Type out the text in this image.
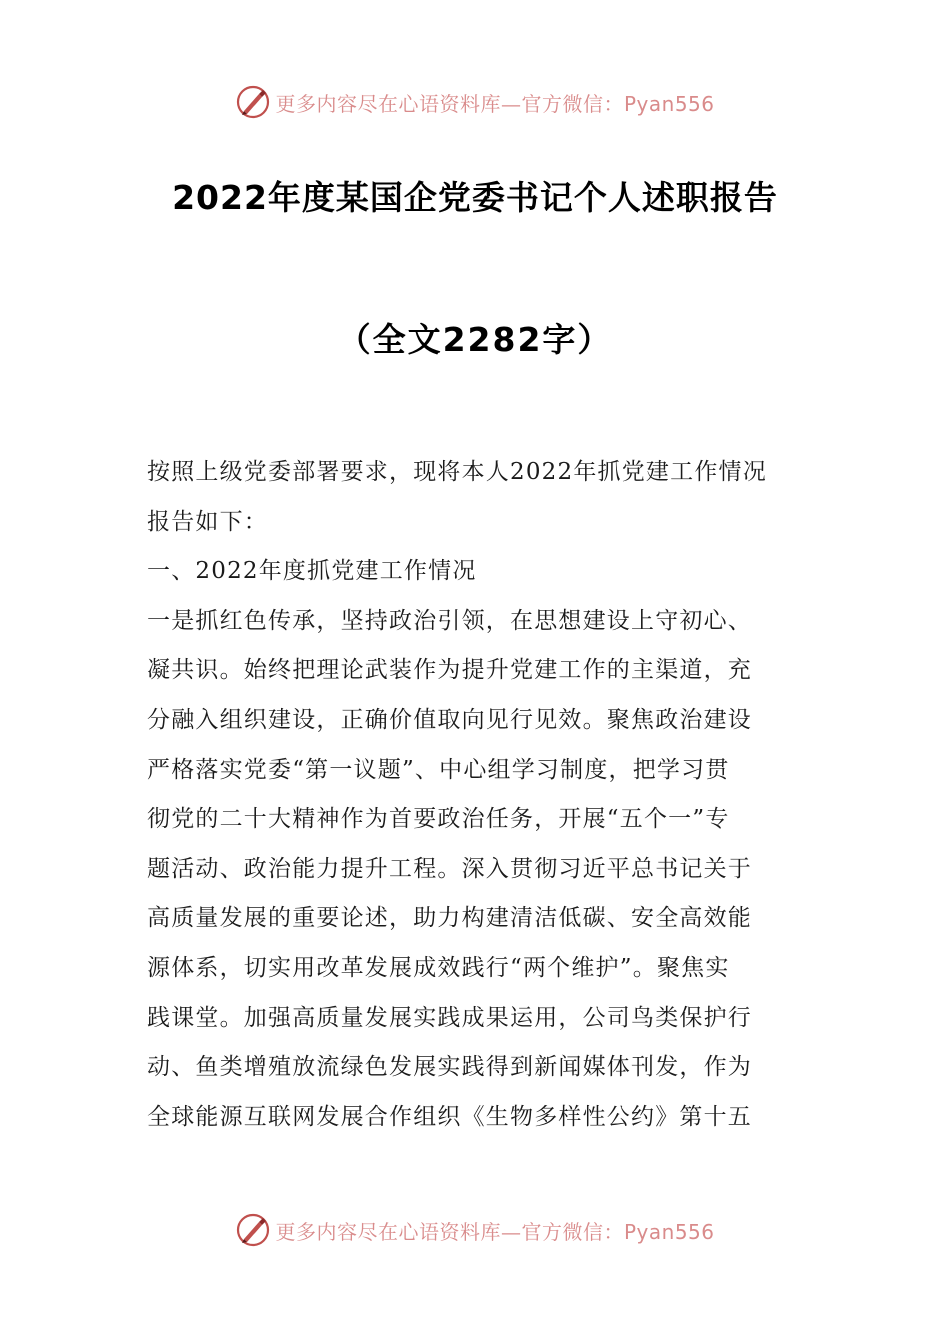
更多内容尽在心语资料库—官方微信：Pyan556
2022年度某国企党委书记个人述职报告
（全文2282字）
按照上级党委部署要求，现将本人2022年抓党建工作情况
报告如下：
一、2022年度抓党建工作情况
一是抓红色传承，坚持政治引领，在思想建设上守初心、
凝共识。始终把理论武装作为提升党建工作的主渠道，充
分融入组织建设，正确价值取向见行见效。聚焦政治建设
严格落实党委“第一议题”、中心组学习制度，把学习贯
彻党的二十大精神作为首要政治任务，开展“五个一”专
题活动、政治能力提升工程。深入贯彻习近平总书记关于
高质量发展的重要论述，助力构建清洁低碳、安全高效能
源体系，切实用改革发展成效践行“两个维护”。聚焦实
践课堂。加强高质量发展实践成果运用，公司鸟类保护行
动、鱼类增殖放流绿色发展实践得到新闻媒体刊发，作为
全球能源互联网发展合作组织《生物多样性公约》第十五
更多内容尽在心语资料库—官方微信：Pyan556
